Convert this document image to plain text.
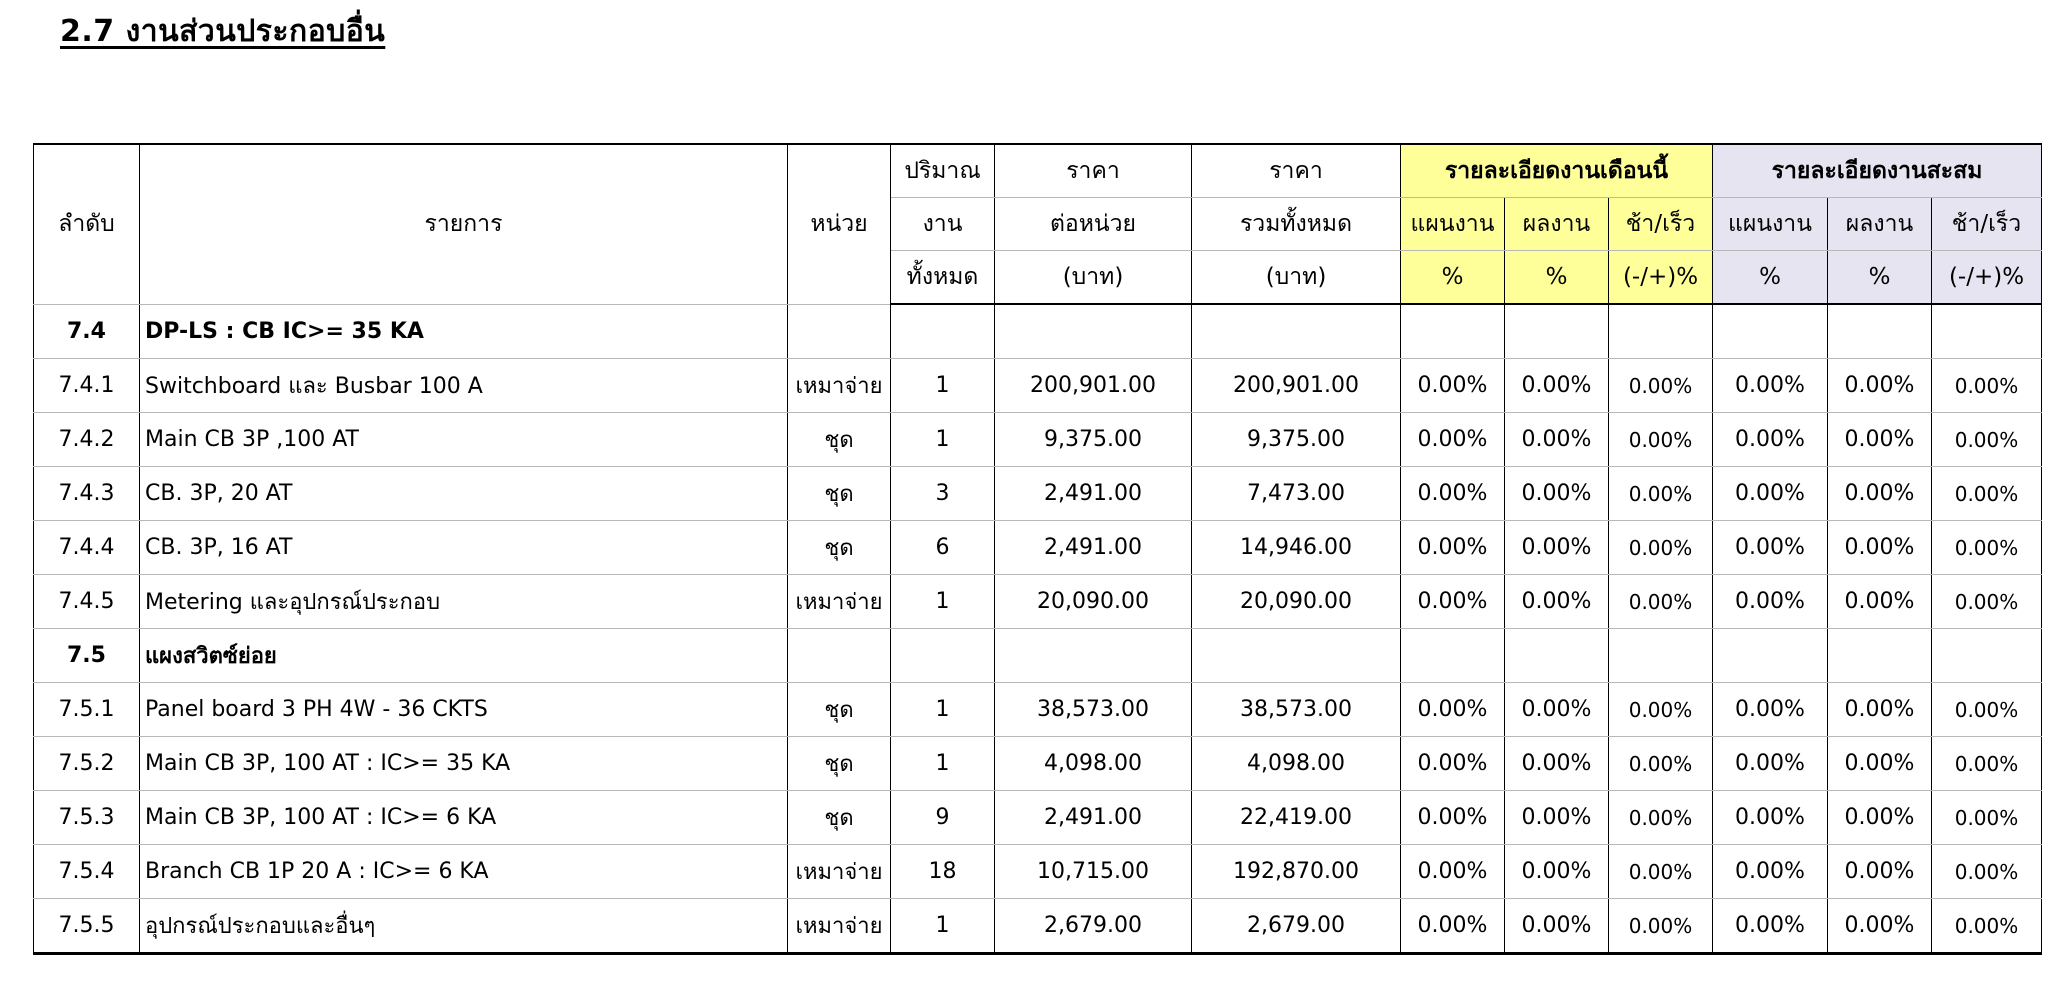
2.7 งานส่วนประกอบอื่น
ลำดับ	รายการ	หน่วย	ปริมาณ	ราคา	ราคา	รายละเอียดงานเดือนนี้			รายละเอียดงานสะสม		
			งาน	ต่อหน่วย	รวมทั้งหมด	แผนงาน	ผลงาน	ช้า/เร็ว	แผนงาน	ผลงาน	ช้า/เร็ว
			ทั้งหมด	(บาท)	(บาท)	%	%	(-/+)%	%	%	(-/+)%
7.4	DP-LS : CB IC>= 35 KA										
7.4.1	Switchboard และ Busbar 100 A	เหมาจ่าย	1	200,901.00	200,901.00	0.00%	0.00%	0.00%	0.00%	0.00%	0.00%
7.4.2	Main CB 3P ,100 AT	ชุด	1	9,375.00	9,375.00	0.00%	0.00%	0.00%	0.00%	0.00%	0.00%
7.4.3	CB. 3P, 20 AT	ชุด	3	2,491.00	7,473.00	0.00%	0.00%	0.00%	0.00%	0.00%	0.00%
7.4.4	CB. 3P, 16 AT	ชุด	6	2,491.00	14,946.00	0.00%	0.00%	0.00%	0.00%	0.00%	0.00%
7.4.5	Metering และอุปกรณ์ประกอบ	เหมาจ่าย	1	20,090.00	20,090.00	0.00%	0.00%	0.00%	0.00%	0.00%	0.00%
7.5	แผงสวิตซ์ย่อย										
7.5.1	Panel board 3 PH 4W - 36 CKTS	ชุด	1	38,573.00	38,573.00	0.00%	0.00%	0.00%	0.00%	0.00%	0.00%
7.5.2	Main CB 3P, 100 AT : IC>= 35 KA	ชุด	1	4,098.00	4,098.00	0.00%	0.00%	0.00%	0.00%	0.00%	0.00%
7.5.3	Main CB 3P, 100 AT : IC>= 6 KA	ชุด	9	2,491.00	22,419.00	0.00%	0.00%	0.00%	0.00%	0.00%	0.00%
7.5.4	Branch CB 1P 20 A : IC>= 6 KA	เหมาจ่าย	18	10,715.00	192,870.00	0.00%	0.00%	0.00%	0.00%	0.00%	0.00%
7.5.5	อุปกรณ์ประกอบและอื่นๆ	เหมาจ่าย	1	2,679.00	2,679.00	0.00%	0.00%	0.00%	0.00%	0.00%	0.00%
